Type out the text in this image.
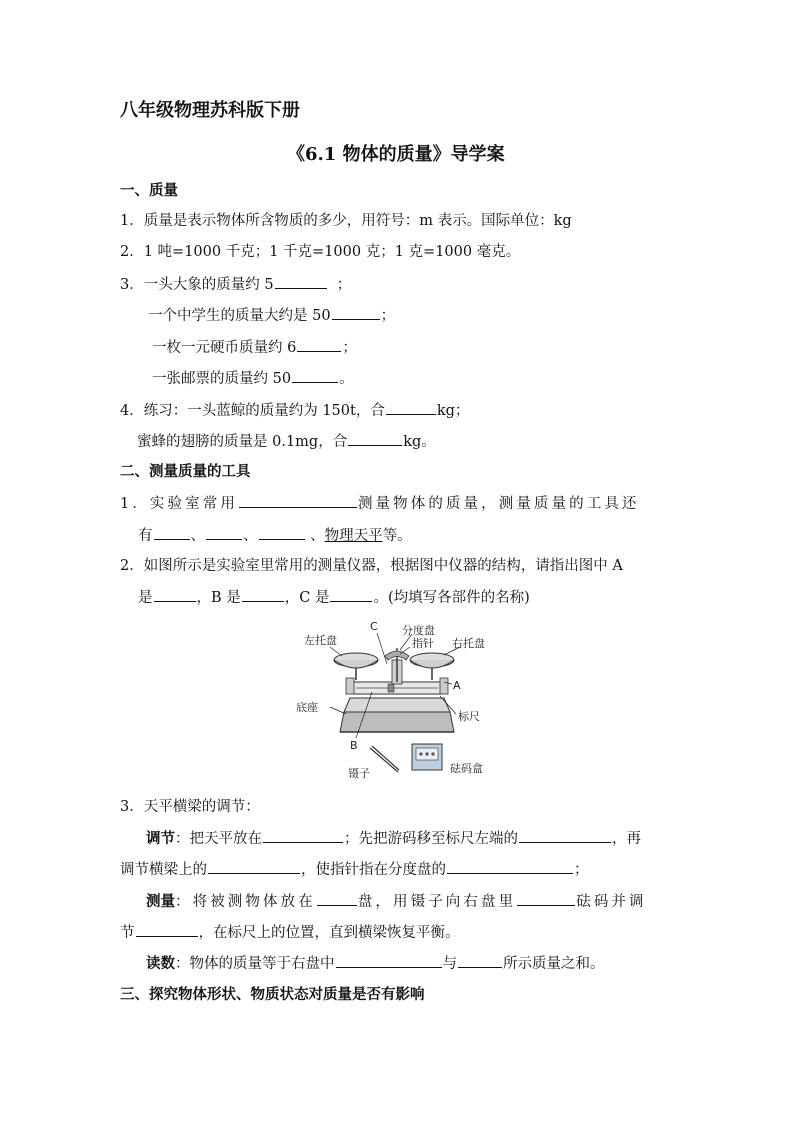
八年级物理苏科版下册
《6.1 物体的质量》导学案
一、质量
1．质量是表示物体所含物质的多少，用符号：m 表示。国际单位：kg
2．1 吨=1000 千克；1 千克=1000 克；1 克=1000 毫克。
3．一头大象的质量约 5	；
一个中学生的质量大约是 50	；
一枚一元硬币质量约 6	；
一张邮票的质量约 50	。
4．练习：一头蓝鲸的质量约为 150t，合	kg；
蜜蜂的翅膀的质量是 0.1mg，合	kg。
二、测量质量的工具
1．实验室常用	测量物体的质量，测量质量的工具还
有	、	、	、物理天平等。
2．如图所示是实验室里常用的测量仪器，根据图中仪器的结构，请指出图中 A
是	，B 是	，C 是	。(均填写各部件的名称)
左托盘
C 分度盘
指针 右托盘
A
底座
标尺
B
镊子	砝码盒
3．天平横梁的调节：
调节：把天平放在	；先把游码移至标尺左端的	，再
调节横梁上的	，使指针指在分度盘的	；
测量：将被测物体放在	盘，用镊子向右盘里	砝码并调
节	，在标尺上的位置，直到横梁恢复平衡。
读数：物体的质量等于右盘中	与	所示质量之和。
三、探究物体形状、物质状态对质量是否有影响
